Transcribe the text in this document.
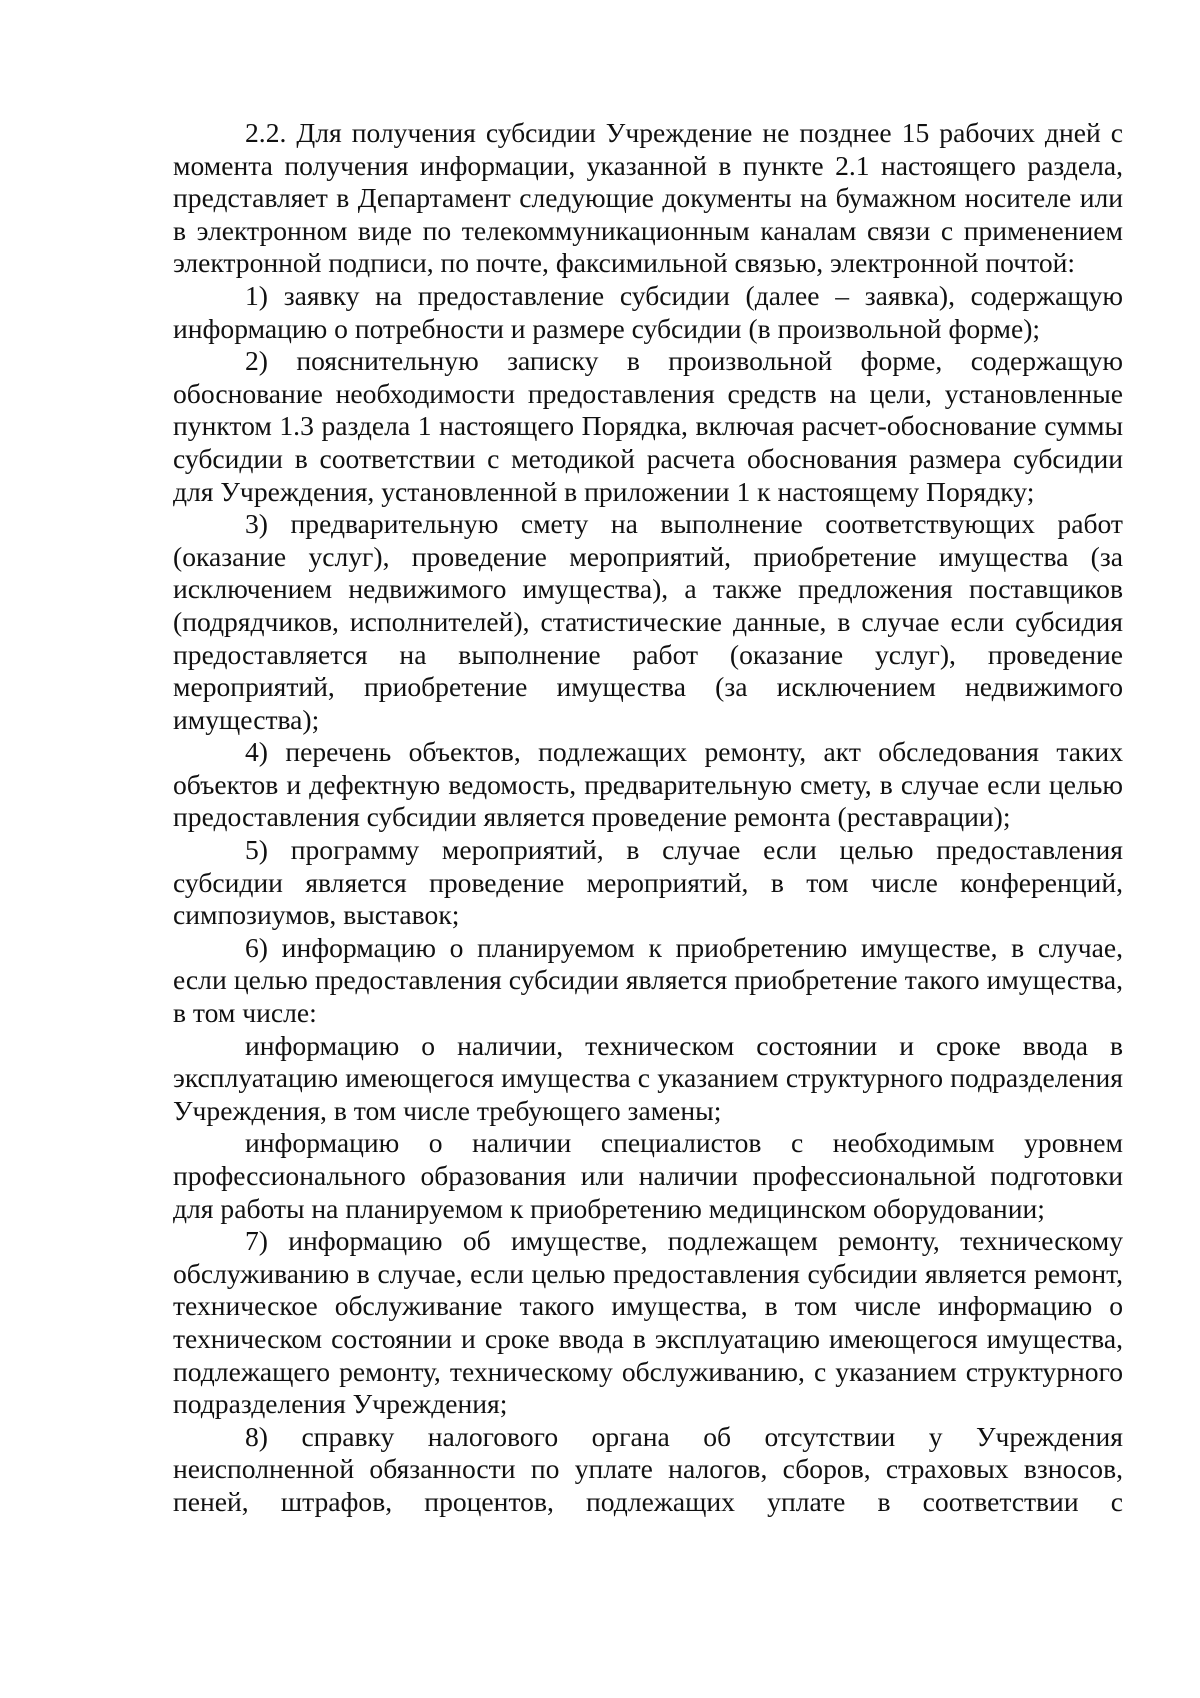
2.2. Для получения субсидии Учреждение не позднее 15 рабочих дней с момента получения информации, указанной в пункте 2.1 настоящего раздела, представляет в Департамент следующие документы на бумажном носителе или в электронном виде по телекоммуникационным каналам связи с применением электронной подписи, по почте, факсимильной связью, электронной почтой:

1) заявку на предоставление субсидии (далее – заявка), содержащую информацию о потребности и размере субсидии (в произвольной форме);

2) пояснительную записку в произвольной форме, содержащую обоснование необходимости предоставления средств на цели, установленные пунктом 1.3 раздела 1 настоящего Порядка, включая расчет-обоснование суммы субсидии в соответствии с методикой расчета обоснования размера субсидии для Учреждения, установленной в приложении 1 к настоящему Порядку;

3) предварительную смету на выполнение соответствующих работ (оказание услуг), проведение мероприятий, приобретение имущества (за исключением недвижимого имущества), а также предложения поставщиков (подрядчиков, исполнителей), статистические данные, в случае если субсидия предоставляется на выполнение работ (оказание услуг), проведение мероприятий, приобретение имущества (за исключением недвижимого имущества);

4) перечень объектов, подлежащих ремонту, акт обследования таких объектов и дефектную ведомость, предварительную смету, в случае если целью предоставления субсидии является проведение ремонта (реставрации);

5) программу мероприятий, в случае если целью предоставления субсидии является проведение мероприятий, в том числе конференций, симпозиумов, выставок;

6) информацию о планируемом к приобретению имуществе, в случае, если целью предоставления субсидии является приобретение такого имущества, в том числе:

информацию о наличии, техническом состоянии и сроке ввода в эксплуатацию имеющегося имущества с указанием структурного подразделения Учреждения, в том числе требующего замены;

информацию о наличии специалистов с необходимым уровнем профессионального образования или наличии профессиональной подготовки для работы на планируемом к приобретению медицинском оборудовании;

7) информацию об имуществе, подлежащем ремонту, техническому обслуживанию в случае, если целью предоставления субсидии является ремонт, техническое обслуживание такого имущества, в том числе информацию о техническом состоянии и сроке ввода в эксплуатацию имеющегося имущества, подлежащего ремонту, техническому обслуживанию, с указанием структурного подразделения Учреждения;

8) справку налогового органа об отсутствии у Учреждения неисполненной обязанности по уплате налогов, сборов, страховых взносов, пеней, штрафов, процентов, подлежащих уплате в соответствии с
